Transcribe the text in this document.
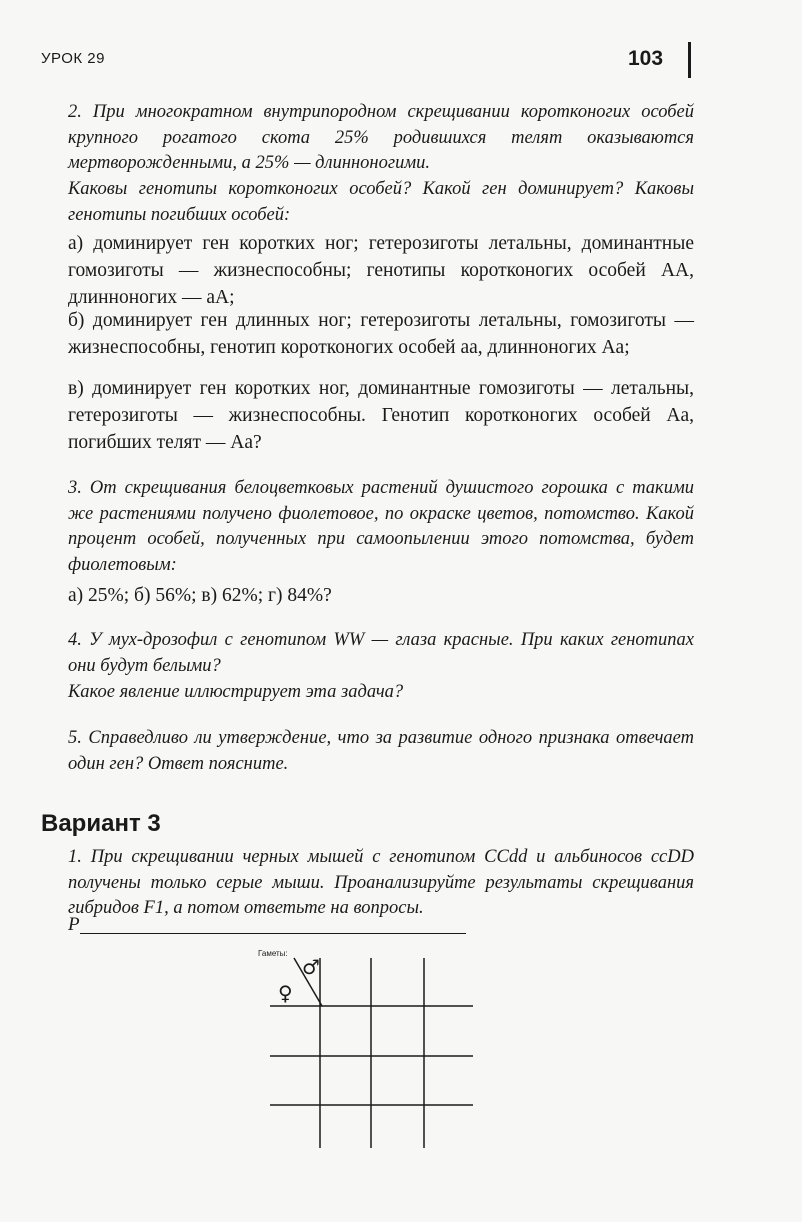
УРОК 29	103

2. При многократном внутрипородном скрещивании коротконогих особей крупного рогатого скота 25% родившихся телят оказываются мертворожденными, а 25% — длинноногими.

Каковы генотипы коротконогих особей? Какой ген доминирует? Каковы генотипы погибших особей:

а) доминирует ген коротких ног; гетерозиготы летальны, доминантные гомозиготы — жизнеспособны; генотипы коротконогих особей AA, длинноногих — aA;

б) доминирует ген длинных ног; гетерозиготы летальны, гомозиготы — жизнеспособны, генотип коротконогих особей aa, длинноногих Aa;

в) доминирует ген коротких ног, доминантные гомозиготы — летальны, гетерозиготы — жизнеспособны. Генотип коротконогих особей Aa, погибших телят — Aa?

3. От скрещивания белоцветковых растений душистого горошка с такими же растениями получено фиолетовое, по окраске цветов, потомство. Какой процент особей, полученных при самоопылении этого потомства, будет фиолетовым:

а) 25%; б) 56%; в) 62%; г) 84%?

4. У мух-дрозофил с генотипом WW — глаза красные. При каких генотипах они будут белыми?

Какое явление иллюстрирует эта задача?

5. Справедливо ли утверждение, что за развитие одного признака отвечает один ген? Ответ поясните.

Вариант 3

1. При скрещивании черных мышей с генотипом CCdd и альбиносов ccDD получены только серые мыши. Проанализируйте результаты скрещивания гибридов F1, а потом ответьте на вопросы.

P
Гаметы:
♂
♀
